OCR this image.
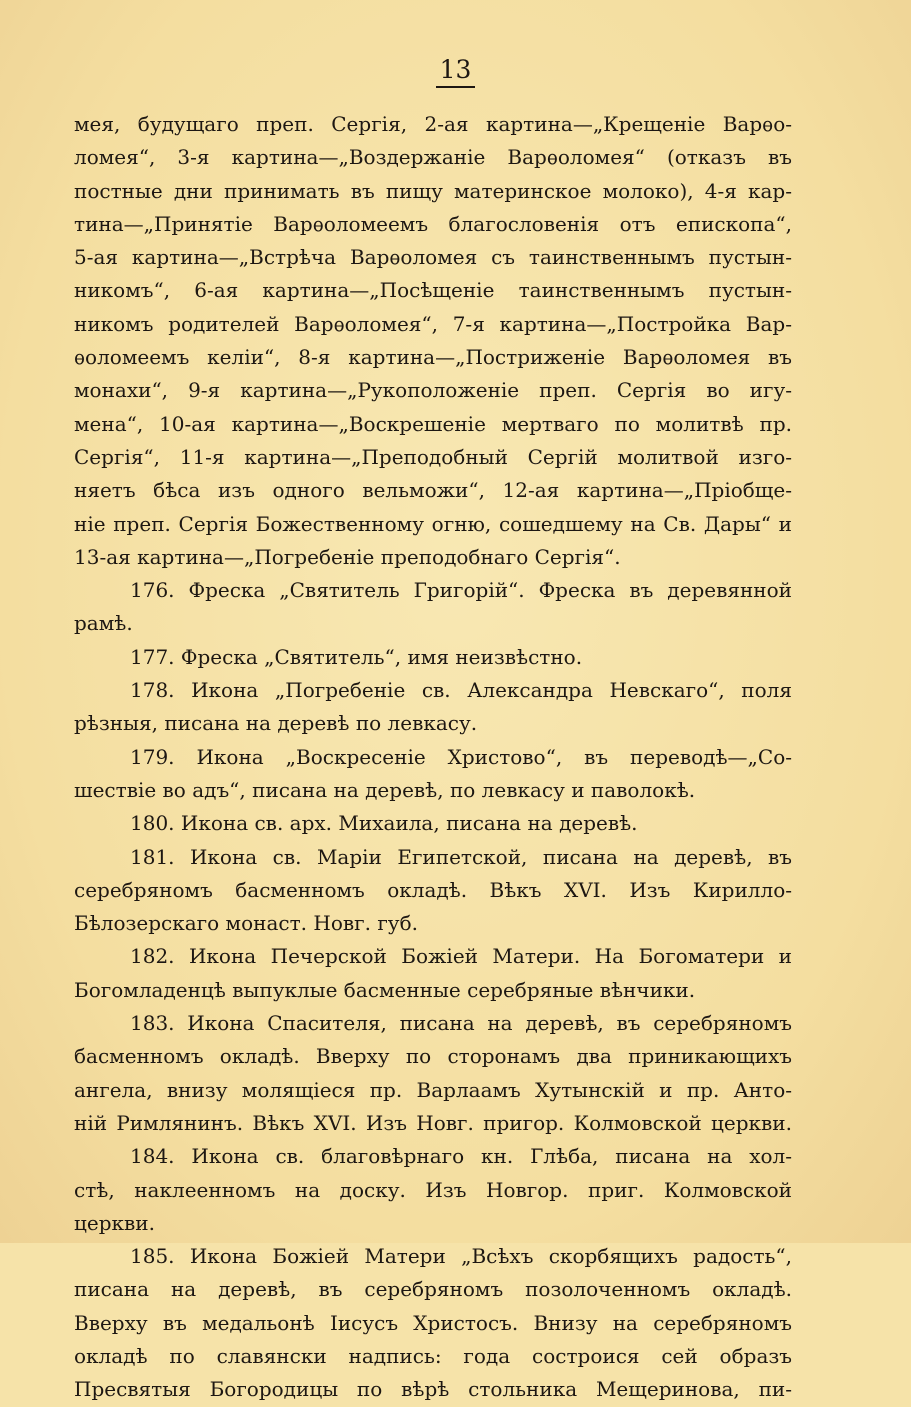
13
мея, будущаго преп. Сергія, 2-ая картина—„Крещеніе Варѳо-
ломея“, 3-я картина—„Воздержаніе Варѳоломея“ (отказъ въ
постные дни принимать въ пищу материнское молоко), 4-я кар-
тина—„Принятіе Варѳоломеемъ благословенія отъ епископа“,
5-ая картина—„Встрѣча Варѳоломея съ таинственнымъ пустын-
никомъ“, 6-ая картина—„Посѣщеніе таинственнымъ пустын-
никомъ родителей Варѳоломея“, 7-я картина—„Постройка Вар-
ѳоломеемъ келіи“, 8-я картина—„Постриженіе Варѳоломея въ
монахи“, 9-я картина—„Рукоположеніе преп. Сергія во игу-
мена“, 10-ая картина—„Воскрешеніе мертваго по молитвѣ пр.
Сергія“, 11-я картина—„Преподобный Сергій молитвой изго-
няетъ бѣса изъ одного вельможи“, 12-ая картина—„Пріобще-
ніе преп. Сергія Божественному огню, сошедшему на Св. Дары“ и
13-ая картина—„Погребеніе преподобнаго Сергія“.
176. Фреска „Святитель Григорій“. Фреска въ деревянной
рамѣ.
177. Фреска „Святитель“, имя неизвѣстно.
178. Икона „Погребеніе св. Александра Невскаго“, поля
рѣзныя, писана на деревѣ по левкасу.
179. Икона „Воскресеніе Христово“, въ переводѣ—„Со-
шествіе во адъ“, писана на деревѣ, по левкасу и паволокѣ.
180. Икона св. арх. Михаила, писана на деревѣ.
181. Икона св. Маріи Египетской, писана на деревѣ, въ
серебряномъ басменномъ окладѣ. Вѣкъ XVI. Изъ Кирилло-
Бѣлозерскаго монаст. Новг. губ.
182. Икона Печерской Божіей Матери. На Богоматери и
Богомладенцѣ выпуклые басменные серебряные вѣнчики.
183. Икона Спасителя, писана на деревѣ, въ серебряномъ
басменномъ окладѣ. Вверху по сторонамъ два приникающихъ
ангела, внизу молящіеся пр. Варлаамъ Хутынскій и пр. Анто-
ній Римлянинъ. Вѣкъ XVI. Изъ Новг. пригор. Колмовской церкви.
184. Икона св. благовѣрнаго кн. Глѣба, писана на хол-
стѣ, наклеенномъ на доску. Изъ Новгор. приг. Колмовской
церкви.
185. Икона Божіей Матери „Всѣхъ скорбящихъ радость“,
писана на деревѣ, въ серебряномъ позолоченномъ окладѣ.
Вверху въ медальонѣ Іисусъ Христосъ. Внизу на серебряномъ
окладѣ по славянски надпись: года состроися сей образъ
Пресвятыя Богородицы по вѣрѣ стольника Мещеринова, пи-
